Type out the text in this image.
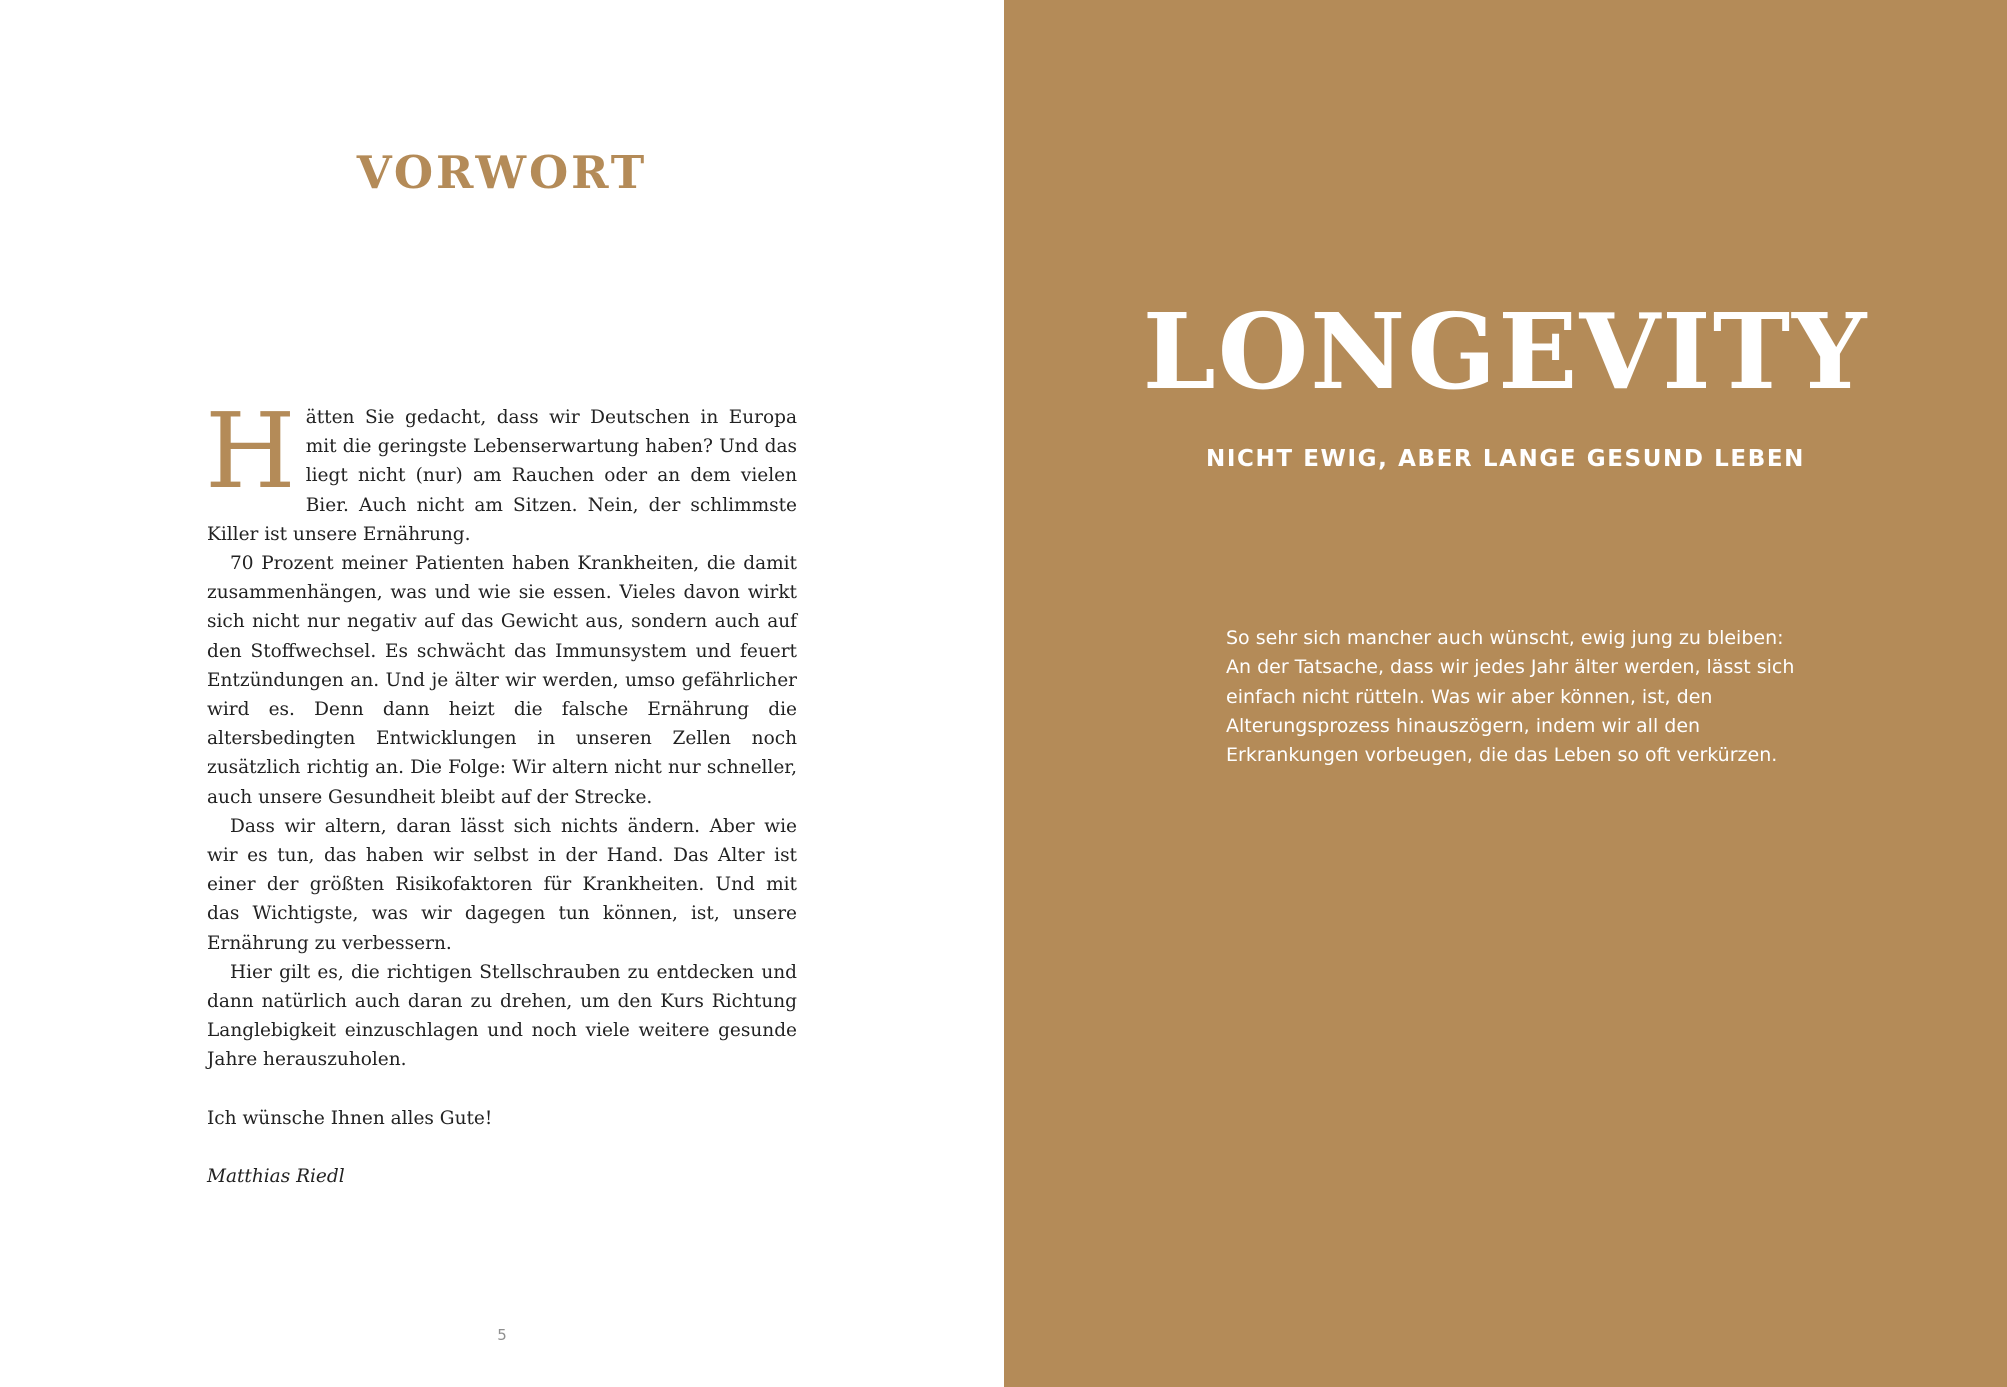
VORWORT

Hätten Sie gedacht, dass wir Deutschen in Europa mit die geringste Lebenserwartung haben? Und das liegt nicht (nur) am Rauchen oder an dem vielen Bier. Auch nicht am Sitzen. Nein, der schlimmste Killer ist unsere Ernährung.

70 Prozent meiner Patienten haben Krankheiten, die damit zusammenhängen, was und wie sie essen. Vieles davon wirkt sich nicht nur negativ auf das Gewicht aus, sondern auch auf den Stoffwechsel. Es schwächt das Immunsystem und feuert Entzündungen an. Und je älter wir werden, umso gefährlicher wird es. Denn dann heizt die falsche Ernährung die altersbedingten Entwicklungen in unseren Zellen noch zusätzlich richtig an. Die Folge: Wir altern nicht nur schneller, auch unsere Gesundheit bleibt auf der Strecke.

Dass wir altern, daran lässt sich nichts ändern. Aber wie wir es tun, das haben wir selbst in der Hand. Das Alter ist einer der größten Risikofaktoren für Krankheiten. Und mit das Wichtigste, was wir dagegen tun können, ist, unsere Ernährung zu verbessern.

Hier gilt es, die richtigen Stellschrauben zu entdecken und dann natürlich auch daran zu drehen, um den Kurs Richtung Langlebigkeit einzuschlagen und noch viele weitere gesunde Jahre herauszuholen.

Ich wünsche Ihnen alles Gute!

Matthias Riedl

5
LONGEVITY
NICHT EWIG, ABER LANGE GESUND LEBEN

So sehr sich mancher auch wünscht, ewig jung zu bleiben: An der Tatsache, dass wir jedes Jahr älter werden, lässt sich einfach nicht rütteln. Was wir aber können, ist, den Alterungsprozess hinauszögern, indem wir all den Erkrankungen vorbeugen, die das Leben so oft verkürzen.
